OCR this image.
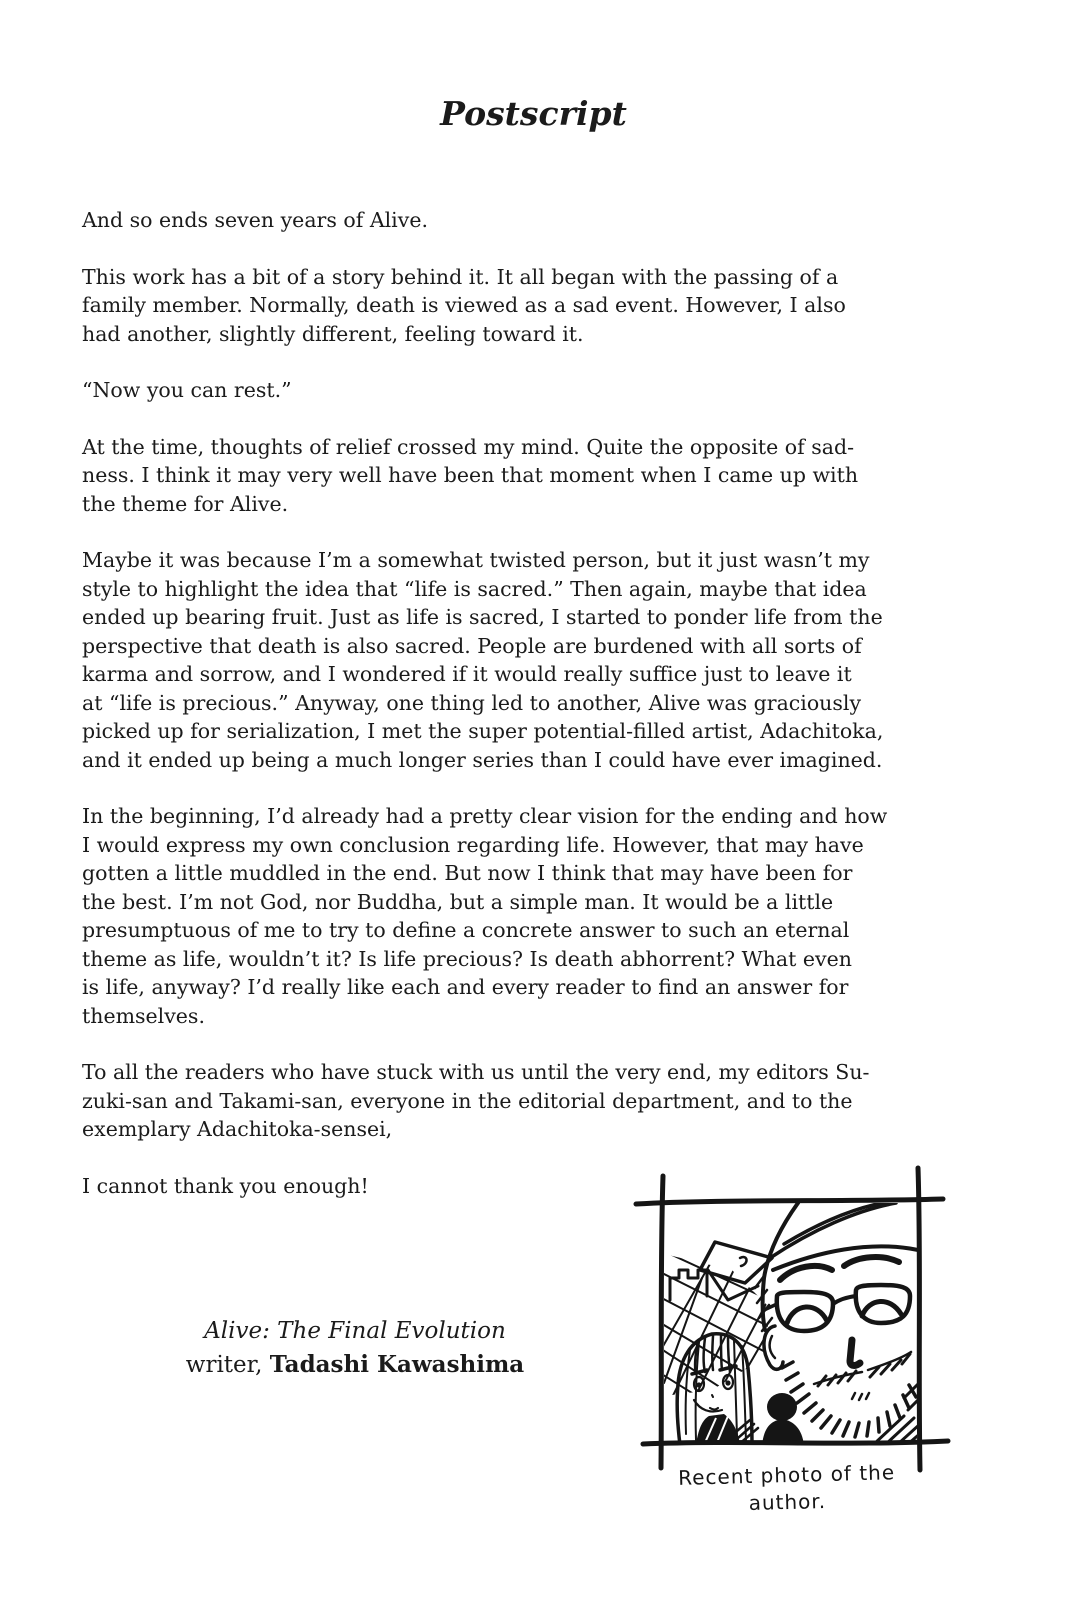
Postscript
And so ends seven years of Alive.
This work has a bit of a story behind it. It all began with the passing of a
family member. Normally, death is viewed as a sad event. However, I also
had another, slightly different, feeling toward it.
“Now you can rest.”
At the time, thoughts of relief crossed my mind. Quite the opposite of sad-
ness. I think it may very well have been that moment when I came up with
the theme for Alive.
Maybe it was because I’m a somewhat twisted person, but it just wasn’t my
style to highlight the idea that “life is sacred.” Then again, maybe that idea
ended up bearing fruit. Just as life is sacred, I started to ponder life from the
perspective that death is also sacred. People are burdened with all sorts of
karma and sorrow, and I wondered if it would really suffice just to leave it
at “life is precious.” Anyway, one thing led to another, Alive was graciously
picked up for serialization, I met the super potential-filled artist, Adachitoka,
and it ended up being a much longer series than I could have ever imagined.
In the beginning, I’d already had a pretty clear vision for the ending and how
I would express my own conclusion regarding life. However, that may have
gotten a little muddled in the end. But now I think that may have been for
the best. I’m not God, nor Buddha, but a simple man. It would be a little
presumptuous of me to try to define a concrete answer to such an eternal
theme as life, wouldn’t it? Is life precious? Is death abhorrent? What even
is life, anyway? I’d really like each and every reader to find an answer for
themselves.
To all the readers who have stuck with us until the very end, my editors Su-
zuki-san and Takami-san, everyone in the editorial department, and to the
exemplary Adachitoka-sensei,
I cannot thank you enough!
Alive: The Final Evolution
writer, Tadashi Kawashima
Recent photo of the
author.
